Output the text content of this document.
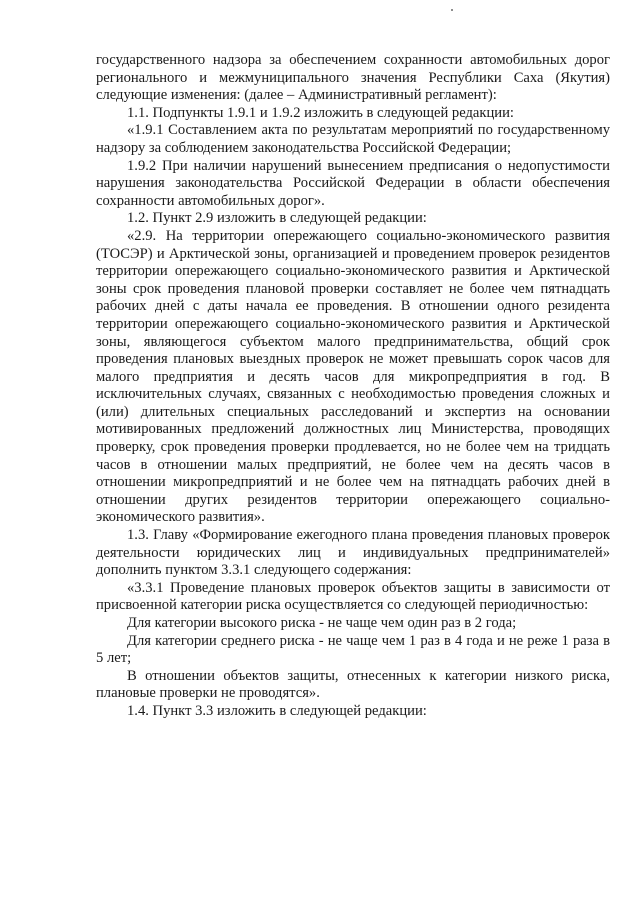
государственного надзора за обеспечением сохранности автомобильных дорог регионального и межмуниципального значения Республики Саха (Якутия) следующие изменения: (далее – Административный регламент):

1.1. Подпункты 1.9.1 и 1.9.2 изложить в следующей редакции:

«1.9.1 Составлением акта по результатам мероприятий по государственному надзору за соблюдением законодательства Российской Федерации;

1.9.2 При наличии нарушений вынесением предписания о недопустимости нарушения законодательства Российской Федерации в области обеспечения сохранности автомобильных дорог».

1.2. Пункт 2.9 изложить в следующей редакции:

«2.9. На территории опережающего социально-экономического развития (ТОСЭР) и Арктической зоны, организацией и проведением проверок резидентов территории опережающего социально-экономического развития и Арктической зоны срок проведения плановой проверки составляет не более чем пятнадцать рабочих дней с даты начала ее проведения. В отношении одного резидента территории опережающего социально-экономического развития и Арктической зоны, являющегося субъектом малого предпринимательства, общий срок проведения плановых выездных проверок не может превышать сорок часов для малого предприятия и десять часов для микропредприятия в год. В исключительных случаях, связанных с необходимостью проведения сложных и (или) длительных специальных расследований и экспертиз на основании мотивированных предложений должностных лиц Министерства, проводящих проверку, срок проведения проверки продлевается, но не более чем на тридцать часов в отношении малых предприятий, не более чем на десять часов в отношении микропредприятий и не более чем на пятнадцать рабочих дней в отношении других резидентов территории опережающего социально-экономического развития».

1.3. Главу «Формирование ежегодного плана проведения плановых проверок деятельности юридических лиц и индивидуальных предпринимателей» дополнить пунктом 3.3.1 следующего содержания:

«3.3.1 Проведение плановых проверок объектов защиты в зависимости от присвоенной категории риска осуществляется со следующей периодичностью:

Для категории высокого риска - не чаще чем один раз в 2 года;

Для категории среднего риска - не чаще чем 1 раз в 4 года и не реже 1 раза в 5 лет;

В отношении объектов защиты, отнесенных к категории низкого риска, плановые проверки не проводятся».

1.4. Пункт 3.3 изложить в следующей редакции:
